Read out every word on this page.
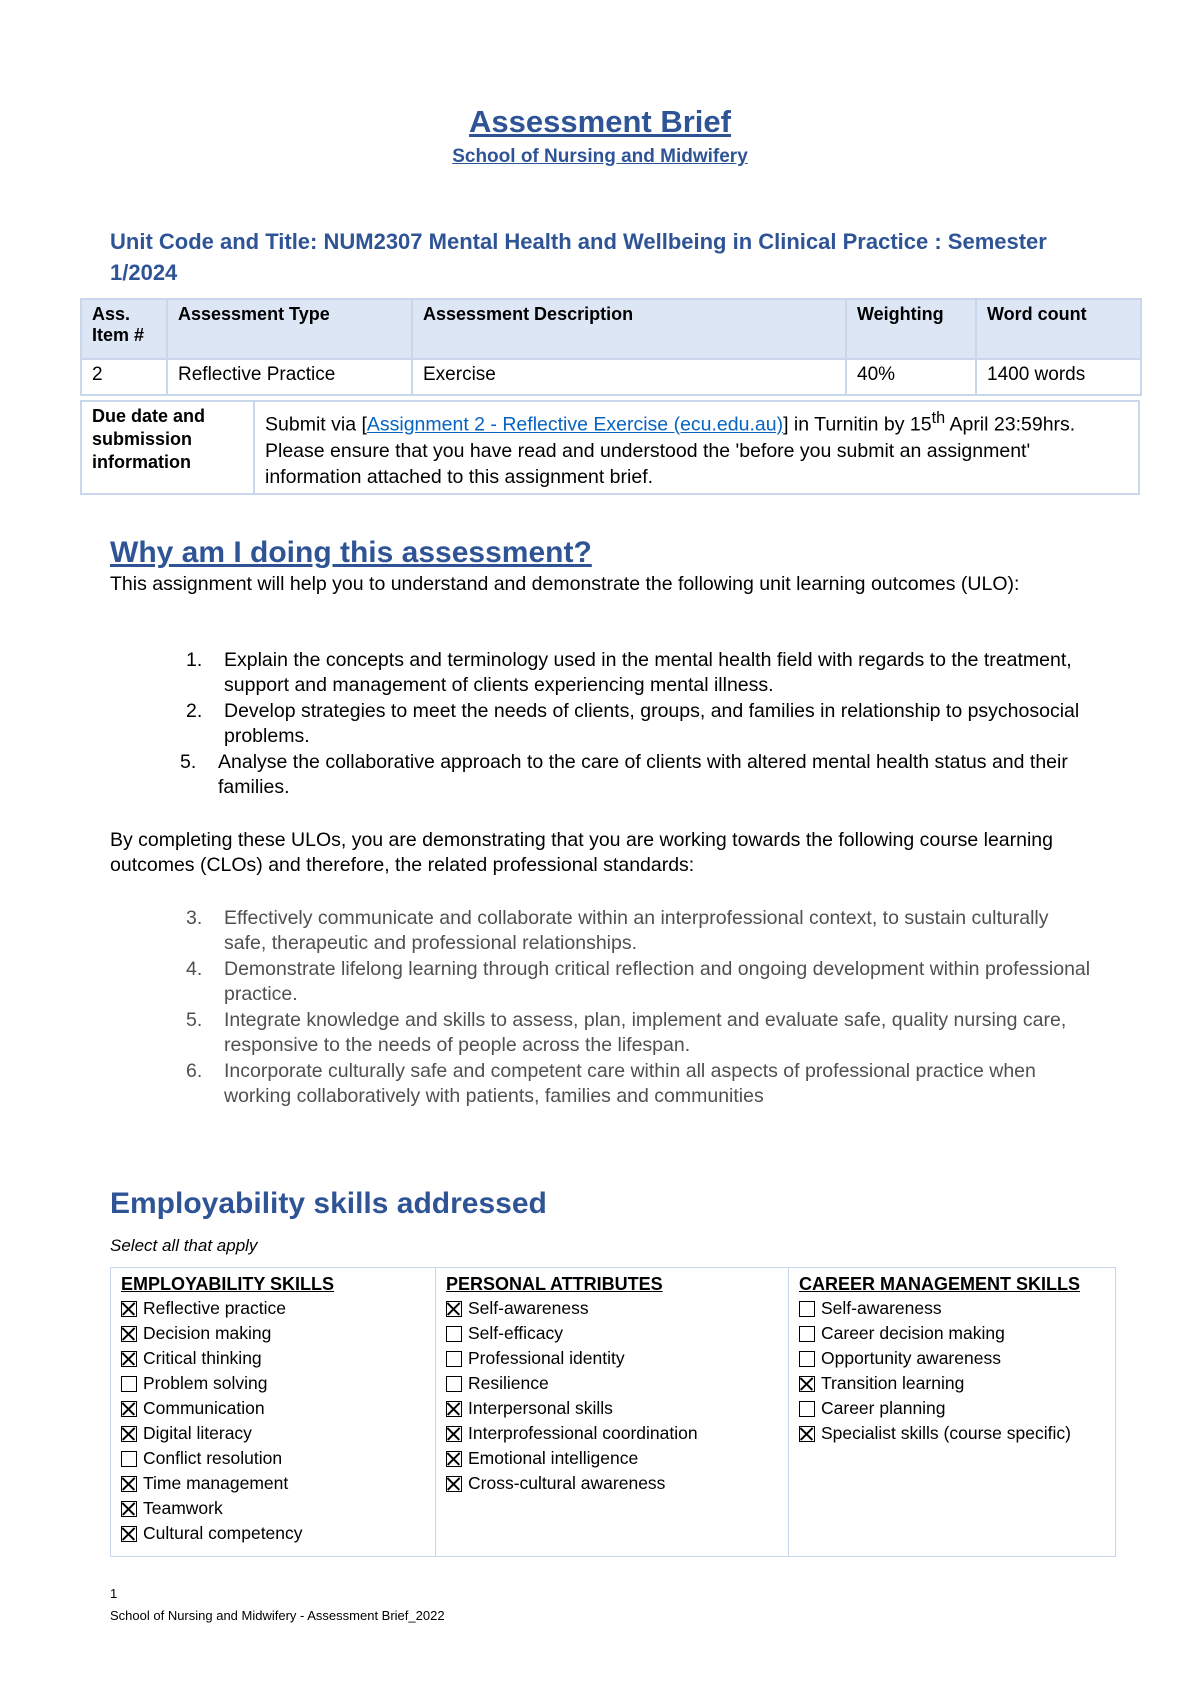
Assessment Brief
School of Nursing and Midwifery
Unit Code and Title: NUM2307 Mental Health and Wellbeing in Clinical Practice : Semester 1/2024
Ass. Item #	Assessment Type	Assessment Description	Weighting	Word count
2	Reflective Practice	Exercise	40%	1400 words
Due date and submission information	Submit via [Assignment 2 - Reflective Exercise (ecu.edu.au)] in Turnitin by 15th April 23:59hrs. Please ensure that you have read and understood the 'before you submit an assignment' information attached to this assignment brief.
Why am I doing this assessment?
This assignment will help you to understand and demonstrate the following unit learning outcomes (ULO):
1. Explain the concepts and terminology used in the mental health field with regards to the treatment, support and management of clients experiencing mental illness.
2. Develop strategies to meet the needs of clients, groups, and families in relationship to psychosocial problems.
5. Analyse the collaborative approach to the care of clients with altered mental health status and their families.
By completing these ULOs, you are demonstrating that you are working towards the following course learning outcomes (CLOs) and therefore, the related professional standards:
3. Effectively communicate and collaborate within an interprofessional context, to sustain culturally safe, therapeutic and professional relationships.
4. Demonstrate lifelong learning through critical reflection and ongoing development within professional practice.
5. Integrate knowledge and skills to assess, plan, implement and evaluate safe, quality nursing care, responsive to the needs of people across the lifespan.
6. Incorporate culturally safe and competent care within all aspects of professional practice when working collaboratively with patients, families and communities
Employability skills addressed
Select all that apply
EMPLOYABILITY SKILLS
Reflective practice
Decision making
Critical thinking
Problem solving
Communication
Digital literacy
Conflict resolution
Time management
Teamwork
Cultural competency

PERSONAL ATTRIBUTES
Self-awareness
Self-efficacy
Professional identity
Resilience
Interpersonal skills
Interprofessional coordination
Emotional intelligence
Cross-cultural awareness

CAREER MANAGEMENT SKILLS
Self-awareness
Career decision making
Opportunity awareness
Transition learning
Career planning
Specialist skills (course specific)
1
School of Nursing and Midwifery - Assessment Brief_2022
